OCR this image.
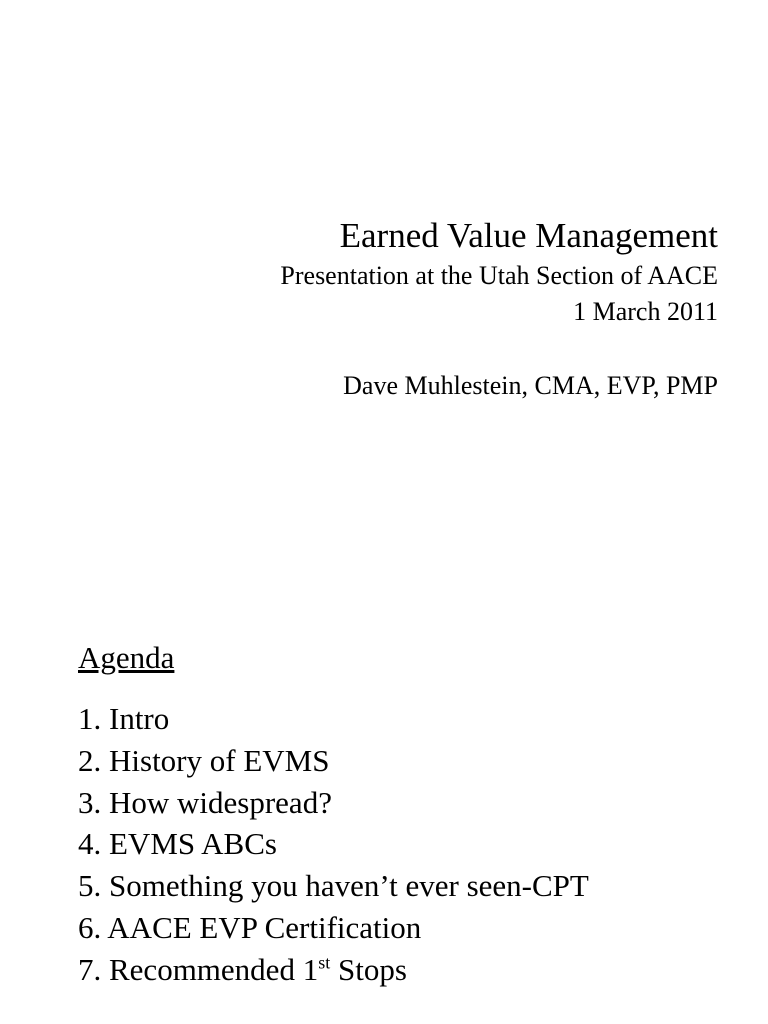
Earned Value Management

Presentation at the Utah Section of AACE

1 March 2011

Dave Muhlestein, CMA, EVP, PMP

Agenda
1. Intro
2. History of EVMS
3. How widespread?
4. EVMS ABCs
5. Something you haven’t ever seen-CPT
6. AACE EVP Certification
7. Recommended 1st Stops
